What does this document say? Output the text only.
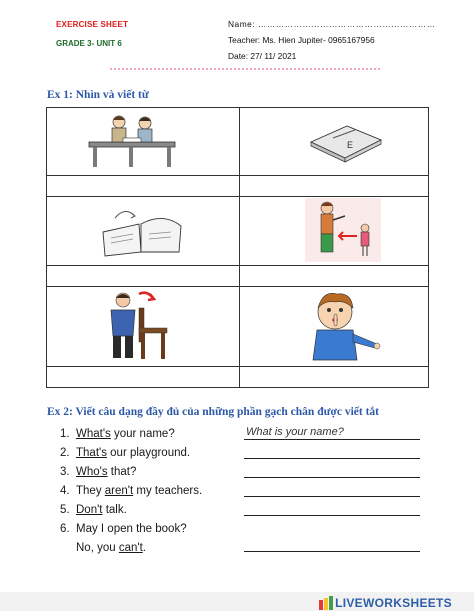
EXERCISE SHEET
GRADE 3- UNIT 6
Name: ……………………………………………………
Teacher: Ms. Hien Jupiter- 0965167956
Date: 27/ 11/ 2021
Ex 1: Nhìn và viết từ
E
Ex 2: Viết câu dạng đầy đủ của những phần gạch chân được viết tắt
1. What's your name?
2. That's our playground.
3. Who's that?
4. They aren't my teachers.
5. Don't talk.
6. May I open the book?
No, you can't.
What is your name?
LIVEWORKSHEETS
